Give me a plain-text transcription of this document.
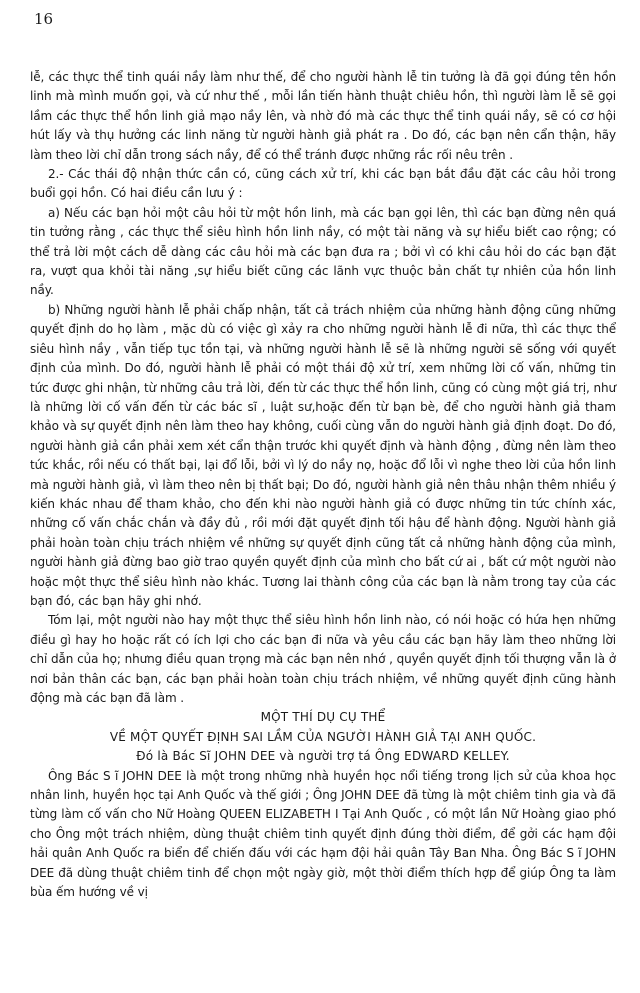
16

lễ, các thực thể tinh quái nầy làm như thế, để cho người hành lễ tin tưởng là đã gọi đúng tên hồn linh mà mình muốn gọi, và cứ như thế , mỗi lần tiến hành thuật chiêu hồn, thì người làm lễ sẽ gọi lầm các thực thể hồn linh giả mạo nầy lên, và nhờ đó mà các thực thể tinh quái nầy, sẽ có cơ hội hút lấy và thụ hưởng các linh năng từ người hành giả phát ra . Do đó, các bạn nên cẩn thận, hãy làm theo lời chỉ dẫn trong sách nầy, để có thể tránh được những rắc rối nêu trên .

2.- Các thái độ nhận thức cần có, cũng cách xử trí, khi các bạn bắt đầu đặt các câu hỏi trong buổi gọi hồn. Có hai điều cần lưu ý :

a) Nếu các bạn hỏi một câu hỏi từ một hồn linh, mà các bạn gọi lên, thì các bạn đừng nên quá tin tưởng rằng , các thực thể siêu hình hồn linh nầy, có một tài năng và sự hiểu biết cao rộng; có thể trả lời một cách dễ dàng các câu hỏi mà các bạn đưa ra ; bởi vì có khi câu hỏi do các bạn đặt ra, vượt qua khỏi tài năng ,sự hiểu biết cũng các lãnh vực thuộc bản chất tự nhiên của hồn linh nầy.

b) Những người hành lễ phải chấp nhận, tất cả trách nhiệm của những hành động cũng những quyết định do họ làm , mặc dù có việc gì xảy ra cho những người hành lễ đi nữa, thì các thực thể siêu hình nầy , vẫn tiếp tục tồn tại, và những người hành lễ sẽ là những người sẽ sống với quyết định của mình. Do đó, người hành lễ phải có một thái độ xử trí, xem những lời cố vấn, những tin tức được ghi nhận, từ những câu trả lời, đến từ các thực thể hồn linh, cũng có cùng một giá trị, như là những lời cố vấn đến từ các bác sĩ , luật sư,hoặc đến từ bạn bè, để cho người hành giả tham khảo và sự quyết định nên làm theo hay không, cuối cùng vẫn do người hành giả định đoạt. Do đó, người hành giả cần phải xem xét cẩn thận trước khi quyết định và hành động , đừng nên làm theo tức khắc, rồi nếu có thất bại, lại đổ lỗi, bởi vì lý do nầy nọ, hoặc đổ lỗi vì nghe theo lời của hồn linh mà người hành giả, vì làm theo nên bị thất bại; Do đó, người hành giả nên thâu nhận thêm nhiều ý kiến khác nhau để tham khảo, cho đến khi nào người hành giả có được những tin tức chính xác, những cố vấn chắc chắn và đầy đủ , rồi mới đặt quyết định tối hậu để hành động. Người hành giả phải hoàn toàn chịu trách nhiệm về những sự quyết định cũng tất cả những hành động của mình, người hành giả đừng bao giờ trao quyền quyết định của mình cho bất cứ ai , bất cứ một người nào hoặc một thực thể siêu hình nào khác. Tương lai thành công của các bạn là nằm trong tay của các bạn đó, các bạn hãy ghi nhớ.

Tóm lại, một người nào hay một thực thể siêu hình hồn linh nào, có nói hoặc có hứa hẹn những điều gì hay ho hoặc rất có ích lợi cho các bạn đi nữa và yêu cầu các bạn hãy làm theo những lời chỉ dẫn của họ; nhưng điều quan trọng mà các bạn nên nhớ , quyền quyết định tối thượng vẫn là ở nơi bản thân các bạn, các bạn phải hoàn toàn chịu trách nhiệm, về những quyết định cũng hành động mà các bạn đã làm .

MỘT THÍ DỤ CỤ THỂ

VỀ MỘT QUYẾT ĐỊNH SAI LẦM CỦA NGƯỜI HÀNH GIẢ TẠI ANH QUỐC.

Đó là Bác Sĩ JOHN DEE và người trợ tá Ông EDWARD KELLEY.

Ông Bác S ĩ JOHN DEE là một trong những nhà huyền học nổi tiếng trong lịch sử của khoa học nhân linh, huyền học tại Anh Quốc và thế giới ; Ông JOHN DEE đã từng là một chiêm tinh gia và đã từng làm cố vấn cho Nữ Hoàng QUEEN ELIZABETH I Tại Anh Quốc , có một lần Nữ Hoàng giao phó cho Ông một trách nhiệm, dùng thuật chiêm tinh quyết định đúng thời điểm, để gởi các hạm đội hải quân Anh Quốc ra biển để chiến đấu với các hạm đội hải quân Tây Ban Nha. Ông Bác S ĩ JOHN DEE đã dùng thuật chiêm tinh để chọn một ngày giờ, một thời điểm thích hợp để giúp Ông ta làm bùa ếm hướng về vị
